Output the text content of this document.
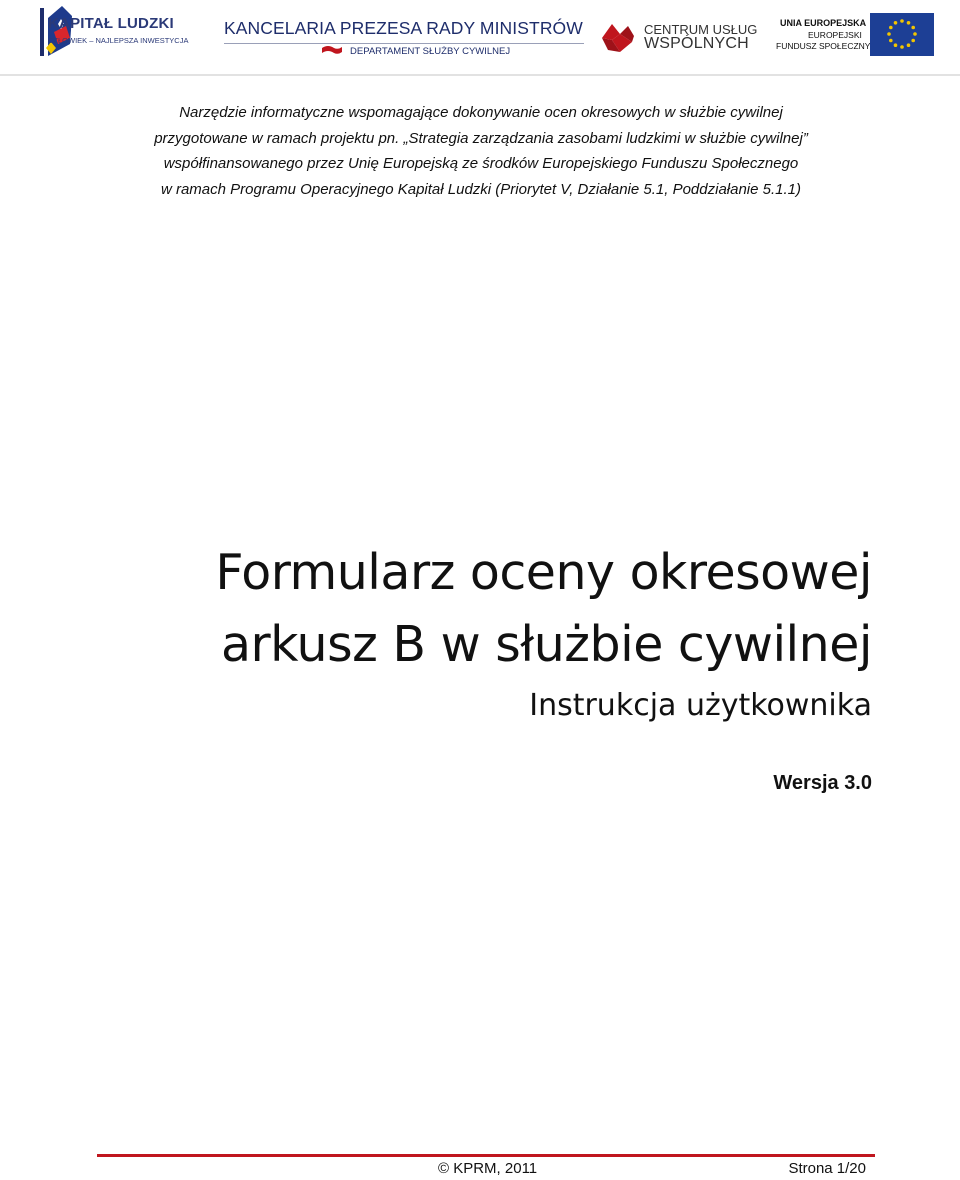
KAPITAŁ LUDZKI
CZŁOWIEK – NAJLEPSZA INWESTYCJA
KANCELARIA PREZESA RADY MINISTRÓW
DEPARTAMENT SŁUŻBY CYWILNEJ
CENTRUM USŁUG
WSPÓLNYCH
UNIA EUROPEJSKA
EUROPEJSKI
FUNDUSZ SPOŁECZNY
Narzędzie informatyczne wspomagające dokonywanie ocen okresowych w służbie cywilnej
przygotowane w ramach projektu pn. „Strategia zarządzania zasobami ludzkimi w służbie cywilnej”
współfinansowanego przez Unię Europejską ze środków Europejskiego Funduszu Społecznego
w ramach Programu Operacyjnego Kapitał Ludzki (Priorytet V, Działanie 5.1, Poddziałanie 5.1.1)
Formularz oceny okresowej
arkusz B w służbie cywilnej
Instrukcja użytkownika
Wersja 3.0
© KPRM, 2011	Strona 1/20
